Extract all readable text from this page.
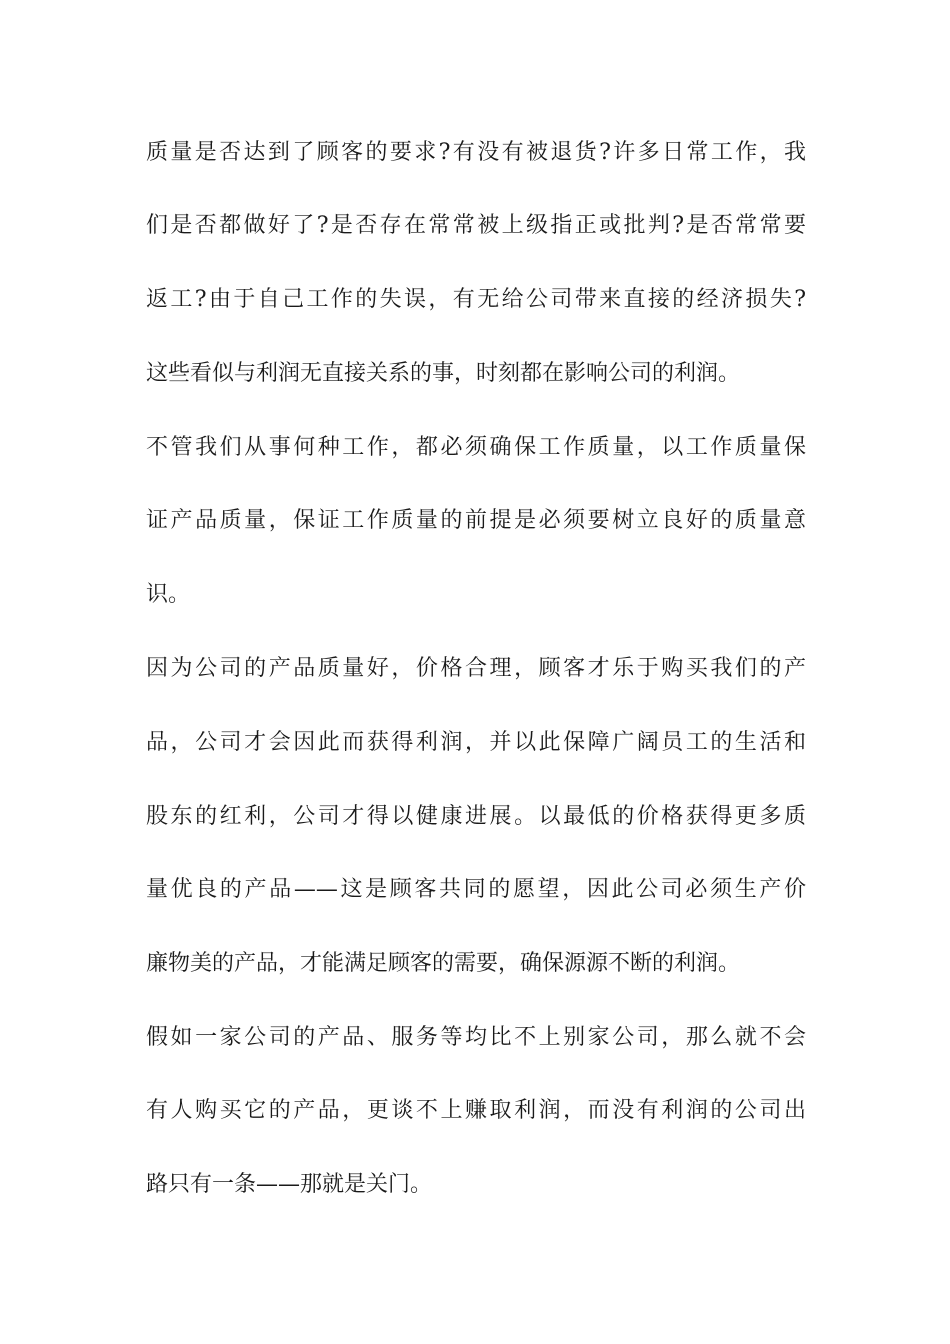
质量是否达到了顾客的要求?有没有被退货?许多日常工作，我
们是否都做好了?是否存在常常被上级指正或批判?是否常常要
返工?由于自己工作的失误，有无给公司带来直接的经济损失?
这些看似与利润无直接关系的事，时刻都在影响公司的利润。
不管我们从事何种工作，都必须确保工作质量，以工作质量保
证产品质量，保证工作质量的前提是必须要树立良好的质量意
识。
因为公司的产品质量好，价格合理，顾客才乐于购买我们的产
品，公司才会因此而获得利润，并以此保障广阔员工的生活和
股东的红利，公司才得以健康进展。以最低的价格获得更多质
量优良的产品——这是顾客共同的愿望，因此公司必须生产价
廉物美的产品，才能满足顾客的需要，确保源源不断的利润。
假如一家公司的产品、服务等均比不上别家公司，那么就不会
有人购买它的产品，更谈不上赚取利润，而没有利润的公司出
路只有一条——那就是关门。
